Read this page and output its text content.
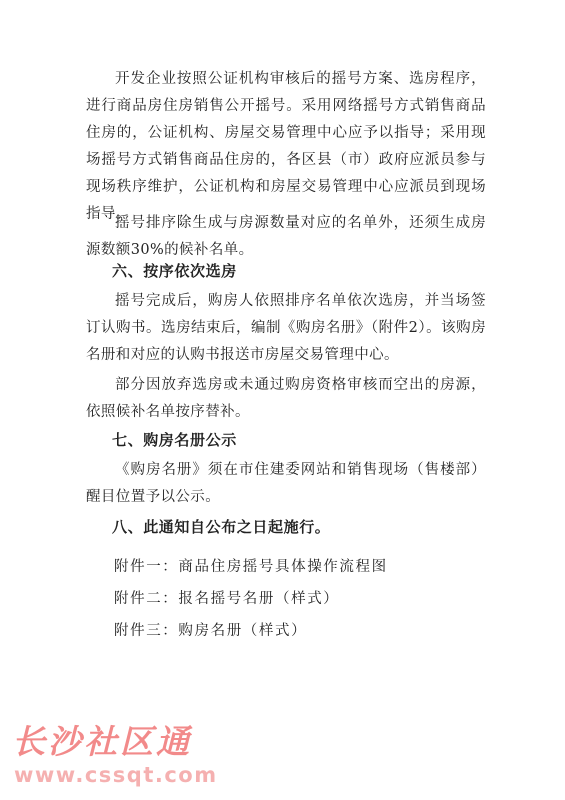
开发企业按照公证机构审核后的摇号方案、选房程序，进行商品房住房销售公开摇号。采用网络摇号方式销售商品住房的，公证机构、房屋交易管理中心应予以指导；采用现场摇号方式销售商品住房的，各区县（市）政府应派员参与现场秩序维护，公证机构和房屋交易管理中心应派员到现场指导。

摇号排序除生成与房源数量对应的名单外，还须生成房源数额30%的候补名单。

六、按序依次选房

摇号完成后，购房人依照排序名单依次选房，并当场签订认购书。选房结束后，编制《购房名册》（附件2）。该购房名册和对应的认购书报送市房屋交易管理中心。

部分因放弃选房或未通过购房资格审核而空出的房源，依照候补名单按序替补。

七、购房名册公示

《购房名册》须在市住建委网站和销售现场（售楼部）醒目位置予以公示。

八、此通知自公布之日起施行。

附件一：商品住房摇号具体操作流程图

附件二：报名摇号名册（样式）

附件三：购房名册（样式）

长沙社区通
www.cssqt.com
